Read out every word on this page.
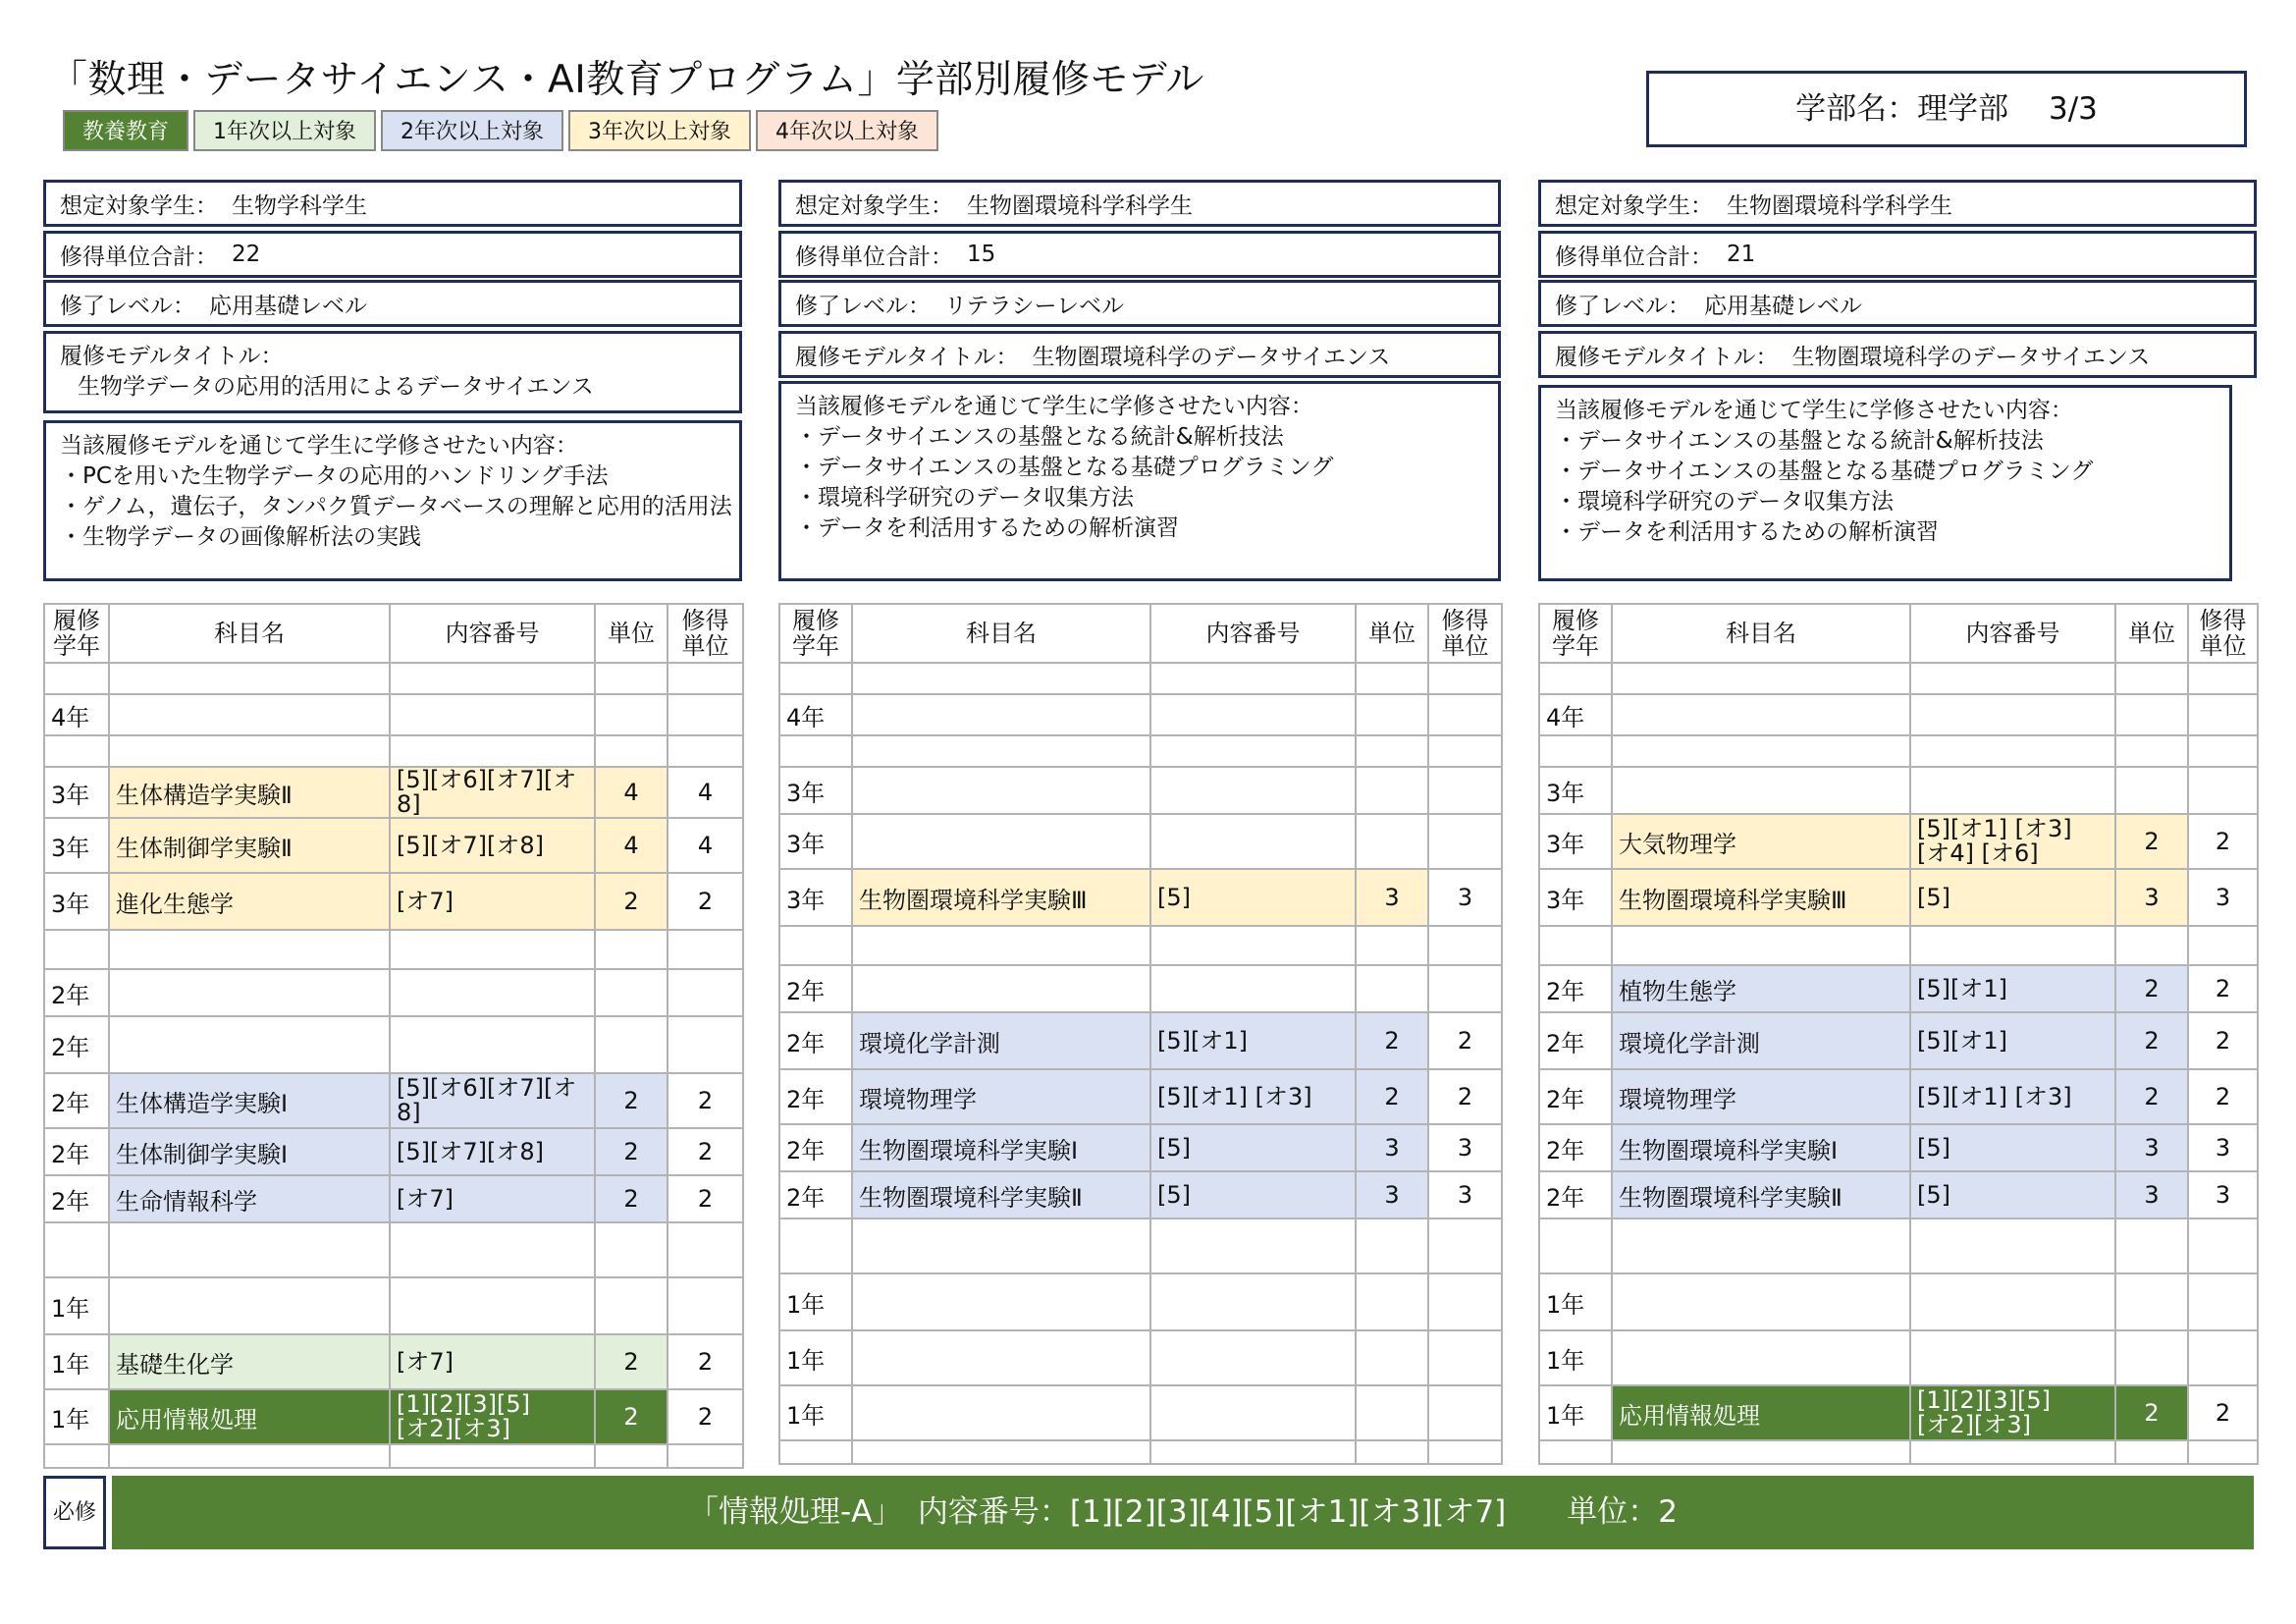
「数理・データサイエンス・AI教育プログラム」学部別履修モデル
教養教育	1年次以上対象	2年次以上対象	3年次以上対象	4年次以上対象
学部名：理学部　 3/3
想定対象学生： 生物学科学生
修得単位合計： 22
修了レベル： 応用基礎レベル
履修モデルタイトル：
生物学データの応用的活用によるデータサイエンス
当該履修モデルを通じて学生に学修させたい内容：
・PCを用いた生物学データの応用的ハンドリング手法
・ゲノム，遺伝子，タンパク質データベースの理解と応用的活用法
・生物学データの画像解析法の実践
履修
学年	科目名	内容番号	単位	修得
単位

4年				

3年	生体構造学実験Ⅱ	[5][オ6][オ7][オ8]	4	4
3年	生体制御学実験Ⅱ	[5][オ7][オ8]	4	4
3年	進化生態学	[オ7]	2	2

2年				
2年				
2年	生体構造学実験Ⅰ	[5][オ6][オ7][オ8]	2	2
2年	生体制御学実験Ⅰ	[5][オ7][オ8]	2	2
2年	生命情報科学	[オ7]	2	2

1年				
1年	基礎生化学	[オ7]	2	2
1年	応用情報処理	[1][2][3][5]
[オ2][オ3]	2	2

想定対象学生： 生物圏環境科学科学生
修得単位合計： 15
修了レベル： リテラシーレベル
履修モデルタイトル： 生物圏環境科学のデータサイエンス
当該履修モデルを通じて学生に学修させたい内容：
・データサイエンスの基盤となる統計&解析技法
・データサイエンスの基盤となる基礎プログラミング
・環境科学研究のデータ収集方法
・データを利活用するための解析演習
履修
学年	科目名	内容番号	単位	修得
単位

4年				

3年				
3年				
3年	生物圏環境科学実験Ⅲ	[5]	3	3

2年				
2年	環境化学計測	[5][オ1]	2	2
2年	環境物理学	[5][オ1] [オ3]	2	2
2年	生物圏環境科学実験Ⅰ	[5]	3	3
2年	生物圏環境科学実験Ⅱ	[5]	3	3

1年				
1年				
1年				

想定対象学生： 生物圏環境科学科学生
修得単位合計： 21
修了レベル： 応用基礎レベル
履修モデルタイトル： 生物圏環境科学のデータサイエンス
当該履修モデルを通じて学生に学修させたい内容：
・データサイエンスの基盤となる統計&解析技法
・データサイエンスの基盤となる基礎プログラミング
・環境科学研究のデータ収集方法
・データを利活用するための解析演習
履修
学年	科目名	内容番号	単位	修得
単位

4年				

3年				
3年	大気物理学	[5][オ1] [オ3]
[オ4] [オ6]	2	2
3年	生物圏環境科学実験Ⅲ	[5]	3	3

2年	植物生態学	[5][オ1]	2	2
2年	環境化学計測	[5][オ1]	2	2
2年	環境物理学	[5][オ1] [オ3]	2	2
2年	生物圏環境科学実験Ⅰ	[5]	3	3
2年	生物圏環境科学実験Ⅱ	[5]	3	3

1年				
1年				
1年	応用情報処理	[1][2][3][5]
[オ2][オ3]	2	2

必修	「情報処理-A」　内容番号：[1][2][3][4][5][オ1][オ3][オ7]　　単位：2
